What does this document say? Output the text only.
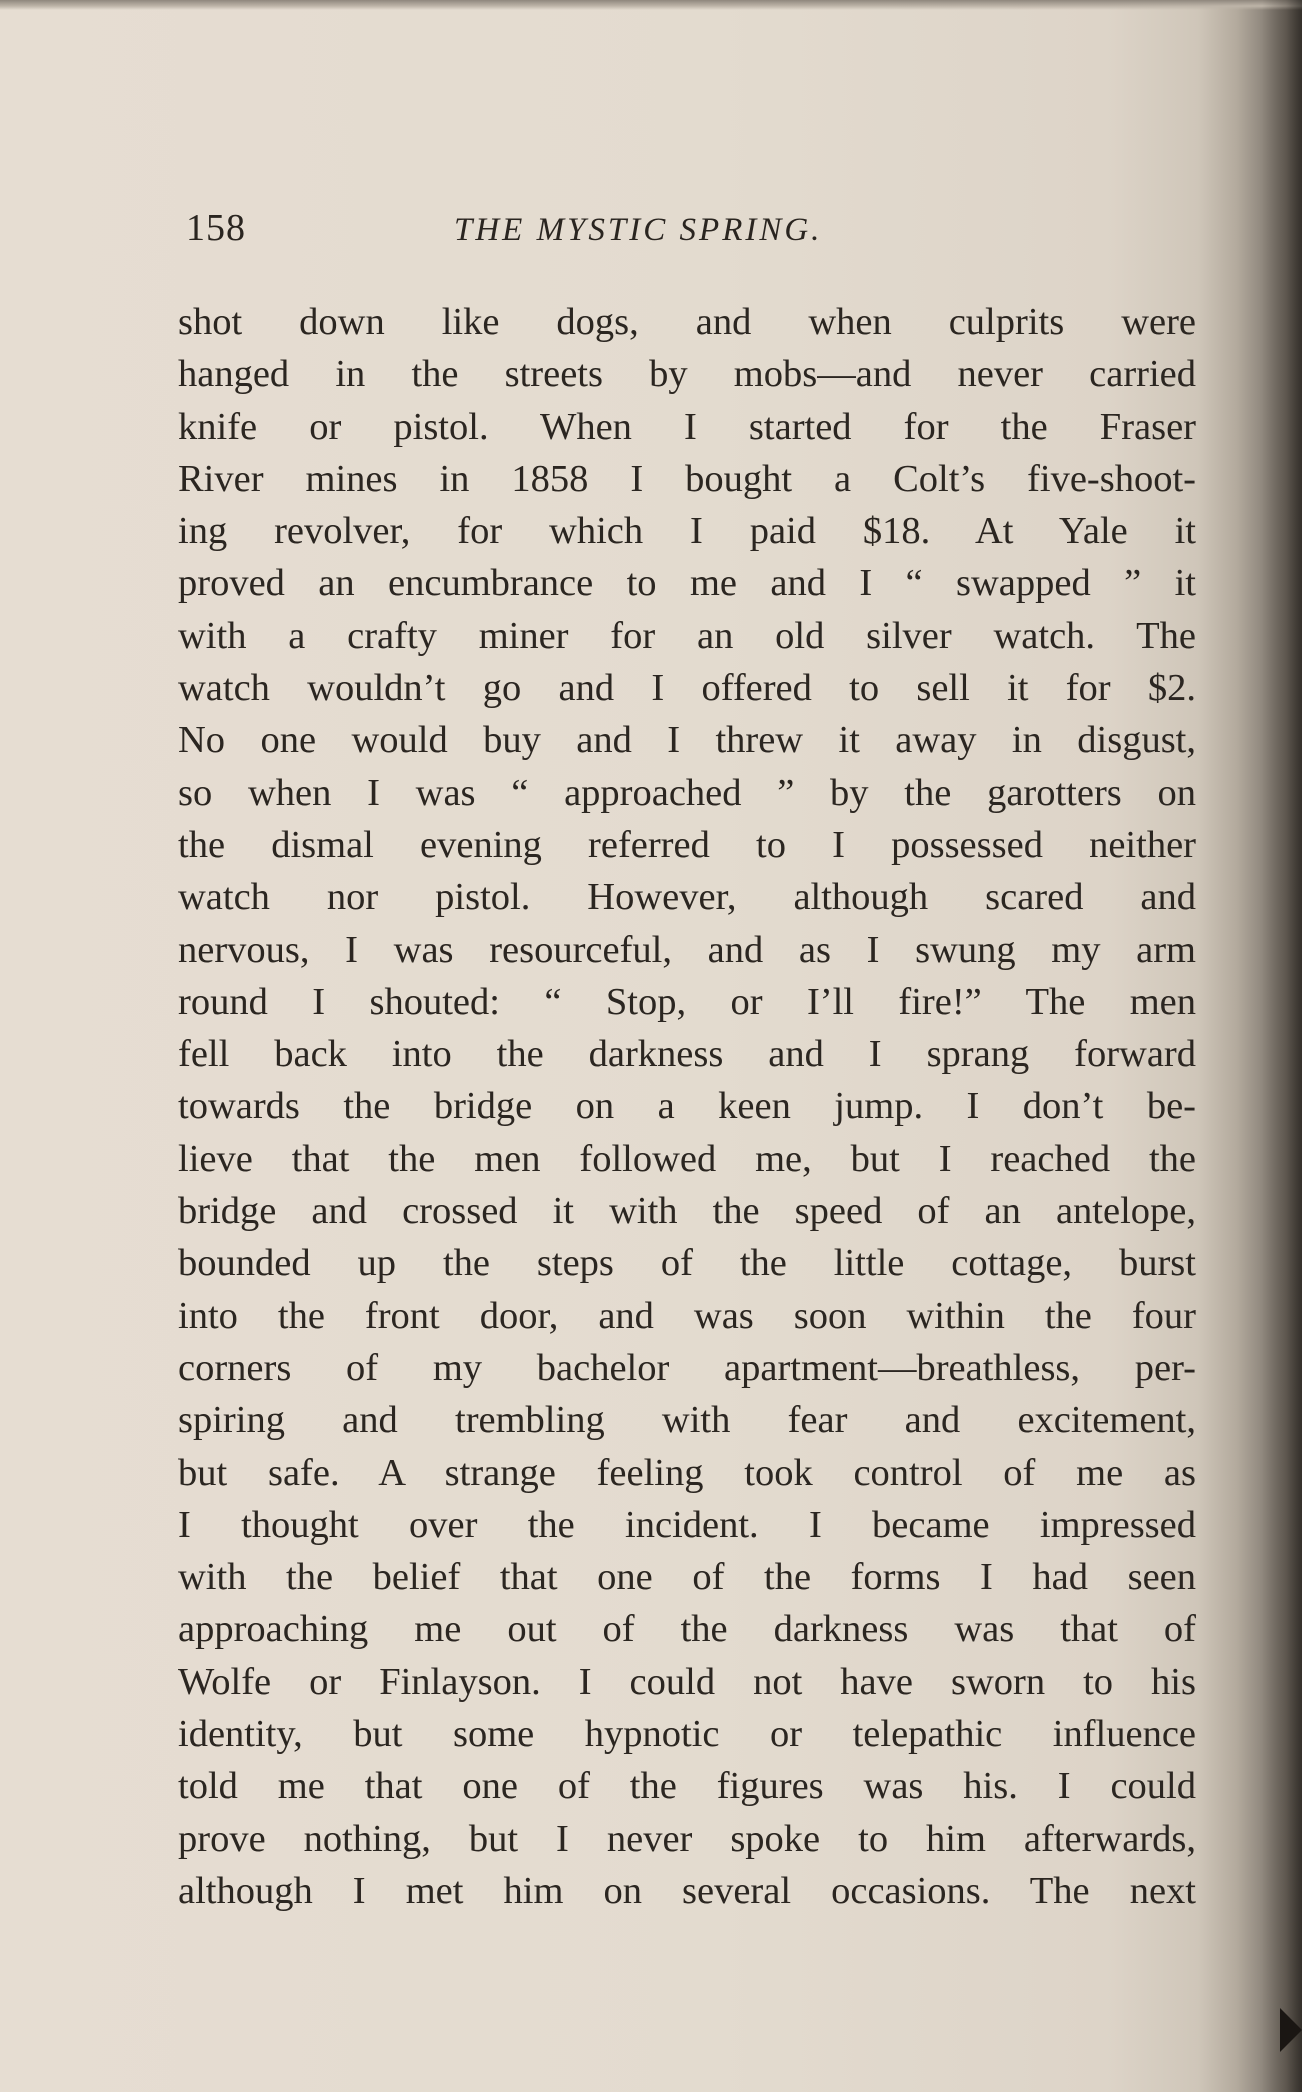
158	THE MYSTIC SPRING.
shot down like dogs, and when culprits were
hanged in the streets by mobs—and never carried
knife or pistol. When I started for the Fraser
River mines in 1858 I bought a Colt’s five-shoot-
ing revolver, for which I paid $18. At Yale it
proved an encumbrance to me and I “ swapped ” it
with a crafty miner for an old silver watch. The
watch wouldn’t go and I offered to sell it for $2.
No one would buy and I threw it away in disgust,
so when I was “ approached ” by the garotters on
the dismal evening referred to I possessed neither
watch nor pistol. However, although scared and
nervous, I was resourceful, and as I swung my arm
round I shouted: “ Stop, or I’ll fire!” The men
fell back into the darkness and I sprang forward
towards the bridge on a keen jump. I don’t be-
lieve that the men followed me, but I reached the
bridge and crossed it with the speed of an antelope,
bounded up the steps of the little cottage, burst
into the front door, and was soon within the four
corners of my bachelor apartment—breathless, per-
spiring and trembling with fear and excitement,
but safe. A strange feeling took control of me as
I thought over the incident. I became impressed
with the belief that one of the forms I had seen
approaching me out of the darkness was that of
Wolfe or Finlayson. I could not have sworn to his
identity, but some hypnotic or telepathic influence
told me that one of the figures was his. I could
prove nothing, but I never spoke to him afterwards,
although I met him on several occasions. The next
